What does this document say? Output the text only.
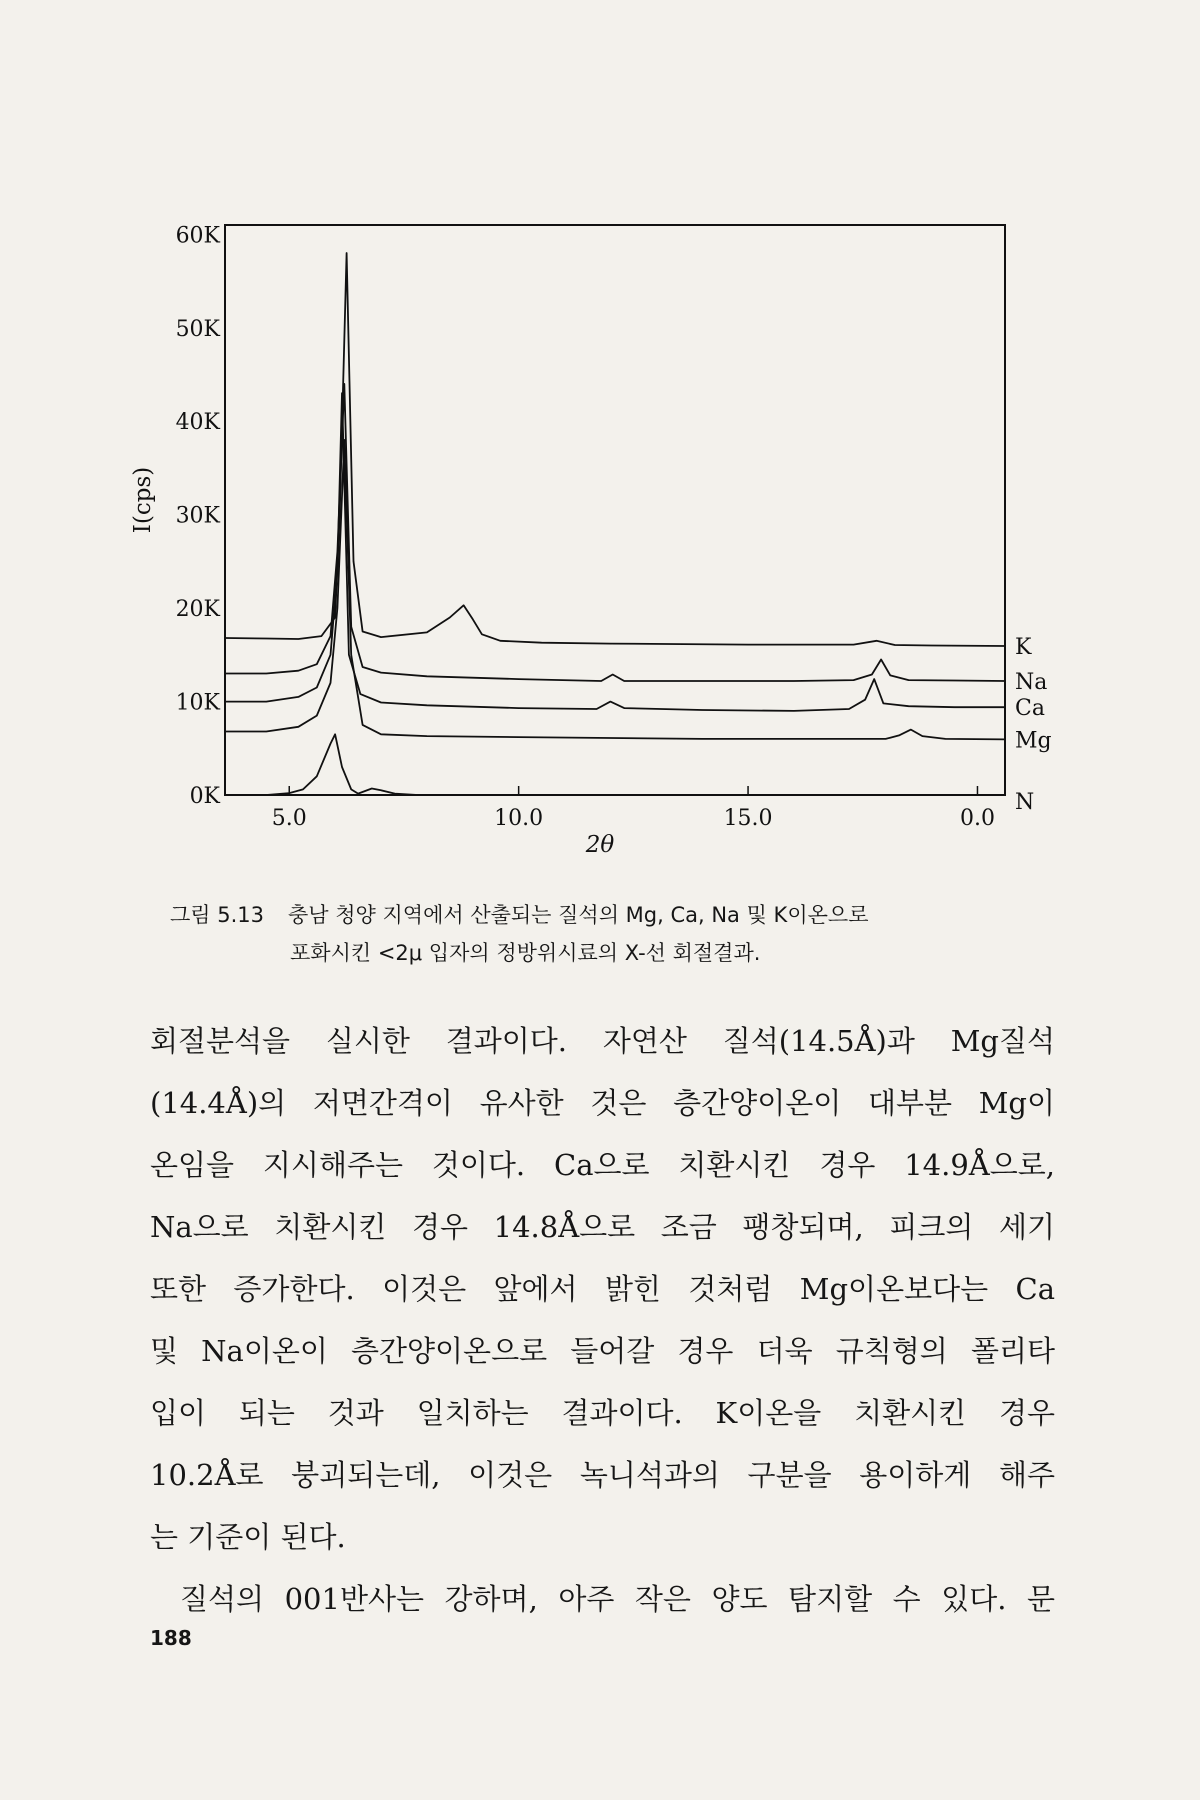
5.0	10.0	15.0	0.0
0K
10K
20K
30K
40K
50K
60K
K
Na
Ca
Mg
N
I(cps)
2θ
그림 5.13 충남 청양 지역에서 산출되는 질석의 Mg, Ca, Na 및 K이온으로
포화시킨 <2μ 입자의 정방위시료의 X-선 회절결과.

회절분석을 실시한 결과이다. 자연산 질석(14.5Å)과 Mg질석

(14.4Å)의 저면간격이 유사한 것은 층간양이온이 대부분 Mg이

온임을 지시해주는 것이다. Ca으로 치환시킨 경우 14.9Å으로,

Na으로 치환시킨 경우 14.8Å으로 조금 팽창되며, 피크의 세기

또한 증가한다. 이것은 앞에서 밝힌 것처럼 Mg이온보다는 Ca

및 Na이온이 층간양이온으로 들어갈 경우 더욱 규칙형의 폴리타

입이 되는 것과 일치하는 결과이다. K이온을 치환시킨 경우

10.2Å로 붕괴되는데, 이것은 녹니석과의 구분을 용이하게 해주

는 기준이 된다.

질석의 001반사는 강하며, 아주 작은 양도 탐지할 수 있다. 문

188
